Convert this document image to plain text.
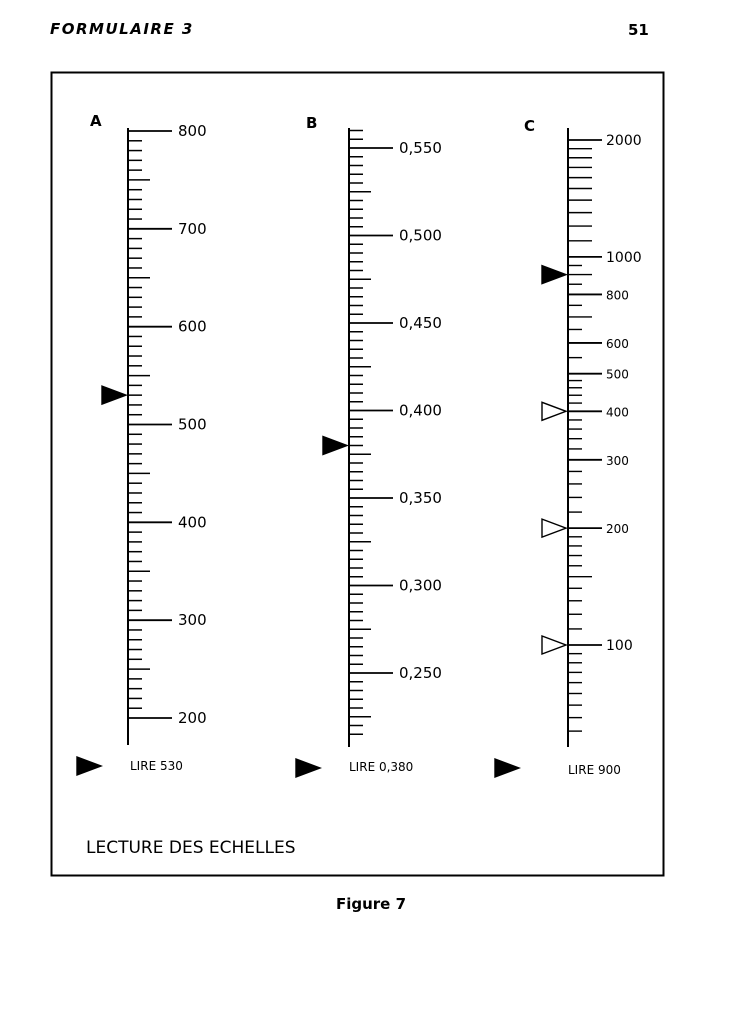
FORMULAIRE 3	51
A
800
700
600
500
400
300
200
LIRE 530
B
0,550
0,500
0,450
0,400
0,350
0,300
0,250
LIRE 0,380
C
2000
1000
800
600
500
400
300
200
100
LIRE 900
LECTURE DES ECHELLES
Figure 7
